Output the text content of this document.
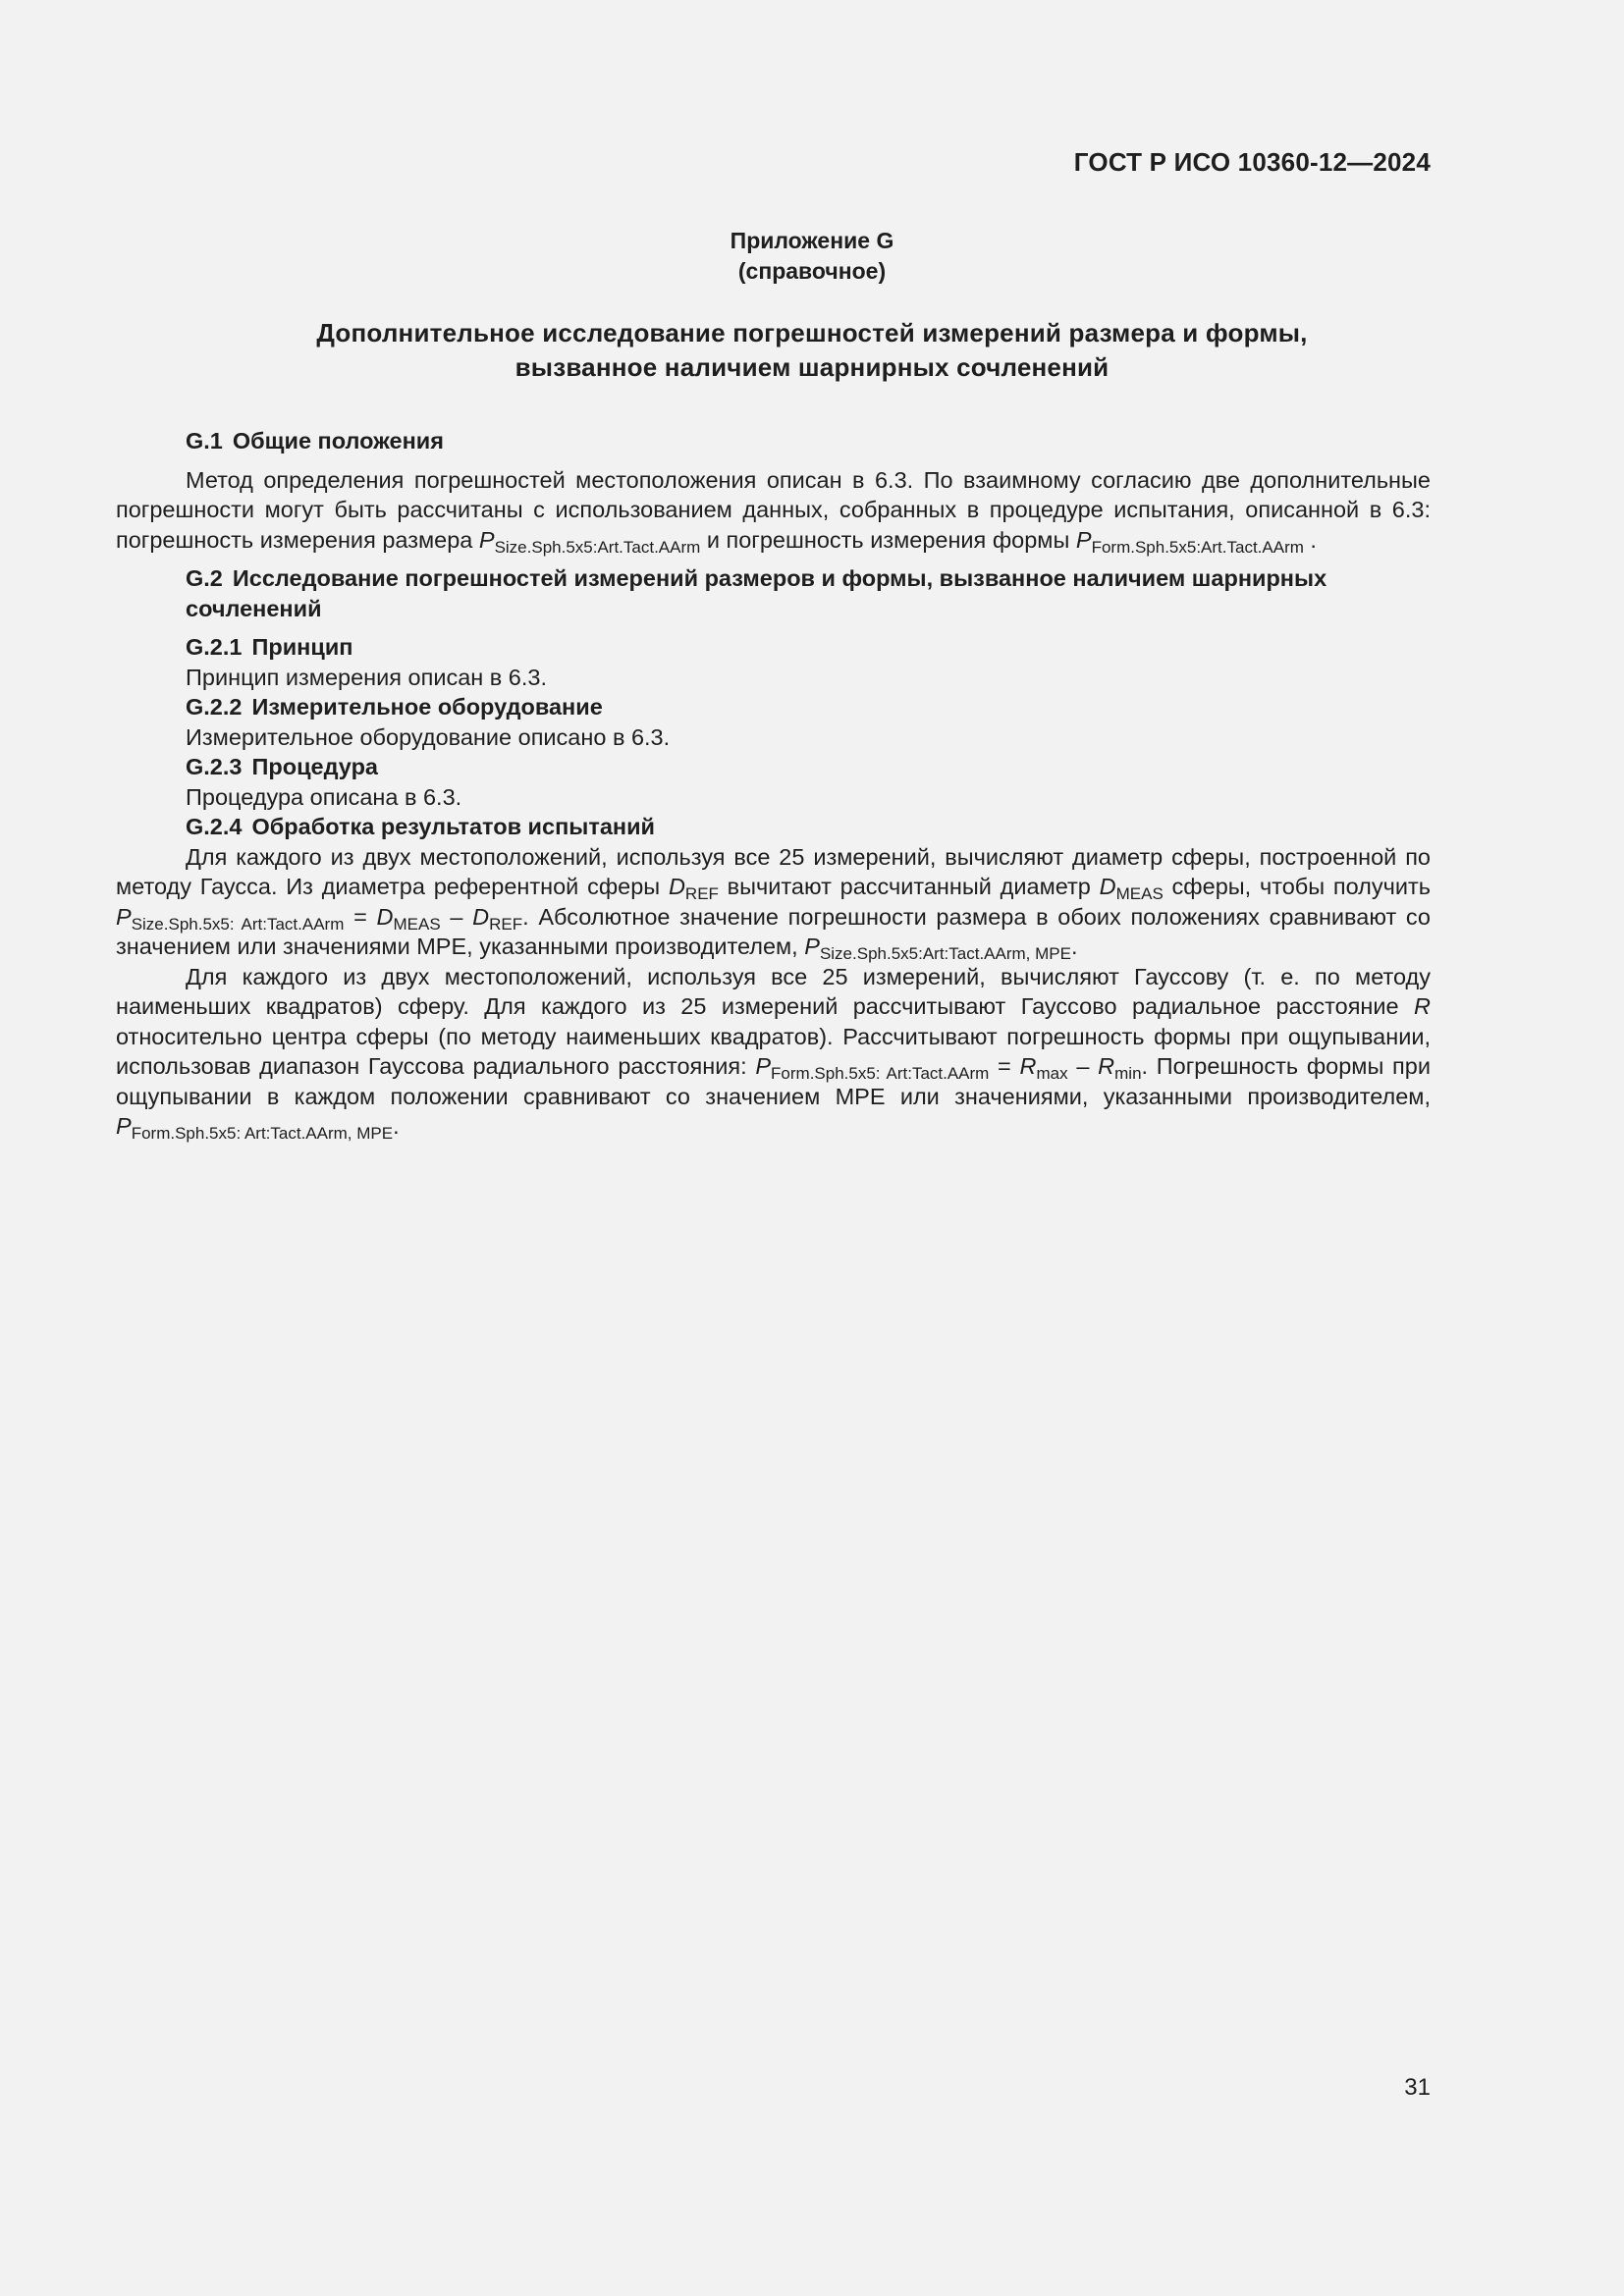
ГОСТ Р ИСО 10360-12—2024
Приложение G
(справочное)
Дополнительное исследование погрешностей измерений размера и формы,
вызванное наличием шарнирных сочленений

G.1 Общие положения

Метод определения погрешностей местоположения описан в 6.3. По взаимному согласию две дополнительные погрешности могут быть рассчитаны с использованием данных, собранных в процедуре испытания, описанной в 6.3: погрешность измерения размера $P_{Size.Sph.5x5:Art.Tact.AArm}$ и погрешность измерения формы $P_{Form.Sph.5x5:Art.Tact.AArm}$ .

G.2 Исследование погрешностей измерений размеров и формы, вызванное наличием шарнирных сочленений

G.2.1 Принцип

Принцип измерения описан в 6.3.

G.2.2 Измерительное оборудование

Измерительное оборудование описано в 6.3.

G.2.3 Процедура

Процедура описана в 6.3.

G.2.4 Обработка результатов испытаний

Для каждого из двух местоположений, используя все 25 измерений, вычисляют диаметр сферы, построенной по методу Гаусса. Из диаметра референтной сферы $D_{REF}$ вычитают рассчитанный диаметр $D_{MEAS}$ сферы, чтобы получить $P_{Size.Sph.5x5: Art:Tact.AArm} = D_{MEAS} - D_{REF}$. Абсолютное значение погрешности размера в обоих положениях сравнивают со значением или значениями MPE, указанными производителем, $P_{Size.Sph.5x5:Art:Tact.AArm, MPE}$.

Для каждого из двух местоположений, используя все 25 измерений, вычисляют Гауссову (т. е. по методу наименьших квадратов) сферу. Для каждого из 25 измерений рассчитывают Гауссово радиальное расстояние R относительно центра сферы (по методу наименьших квадратов). Рассчитывают погрешность формы при ощупывании, использовав диапазон Гауссова радиального расстояния: $P_{Form.Sph.5x5: Art:Tact.AArm} = R_{max} - R_{min}$. Погрешность формы при ощупывании в каждом положении сравнивают со значением MPE или значениями, указанными производителем, $P_{Form.Sph.5x5: Art:Tact.AArm, MPE}$.

31
